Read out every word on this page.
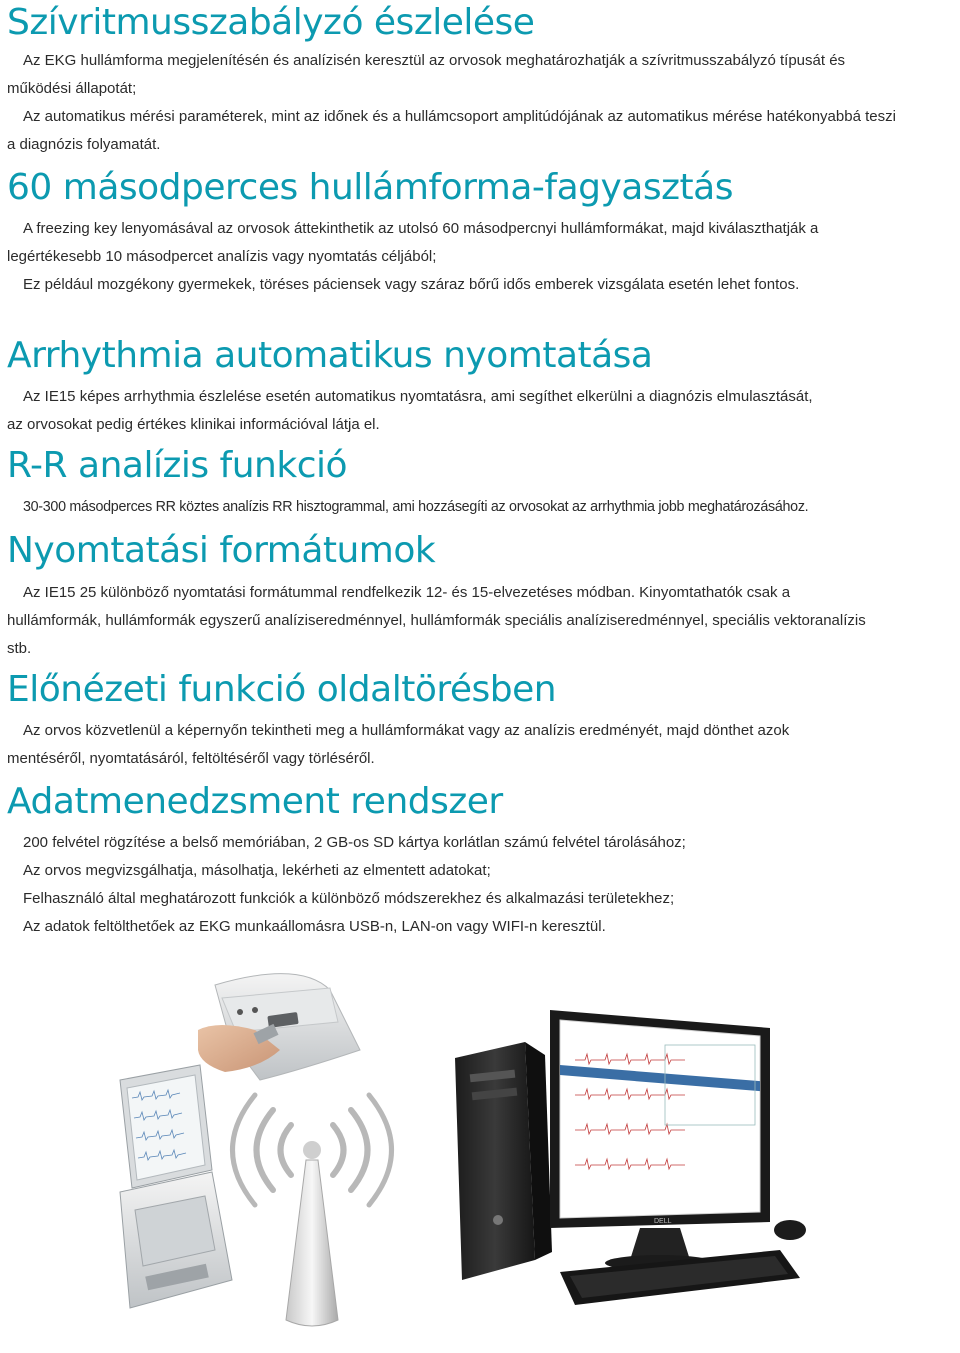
Szívritmusszabályzó észlelése

Az EKG hullámforma megjelenítésén és analízisén keresztül az orvosok meghatározhatják a szívritmusszabályzó típusát és működési állapotát;

Az automatikus mérési paraméterek, mint az időnek és a hullámcsoport amplitúdójának az automatikus mérése hatékonyabbá teszi a diagnózis folyamatát.

60 másodperces hullámforma-fagyasztás

A freezing key lenyomásával az orvosok áttekinthetik az utolsó 60 másodpercnyi hullámformákat, majd kiválaszthatják a legértékesebb 10 másodpercet analízis vagy nyomtatás céljából;

Ez például mozgékony gyermekek, töréses páciensek vagy száraz bőrű idős emberek vizsgálata esetén lehet fontos.

Arrhythmia automatikus nyomtatása

Az IE15 képes arrhythmia észlelése esetén automatikus nyomtatásra, ami segíthet elkerülni a diagnózis elmulasztását, az orvosokat pedig értékes klinikai információval látja el.

R-R analízis funkció

30-300 másodperces RR köztes analízis RR hisztogrammal, ami hozzásegíti az orvosokat az arrhythmia jobb meghatározásához.

Nyomtatási formátumok

Az IE15 25 különböző nyomtatási formátummal rendfelkezik 12- és 15-elvezetéses módban. Kinyomtathatók csak a hullámformák, hullámformák egyszerű analíziseredménnyel, hullámformák speciális analíziseredménnyel, speciális vektoranalízis stb.

Előnézeti funkció oldaltörésben

Az orvos közvetlenül a képernyőn tekintheti meg a hullámformákat vagy az analízis eredményét, majd dönthet azok mentéséről, nyomtatásáról, feltöltéséről vagy törléséről.

Adatmenedzsment rendszer

200 felvétel rögzítése a belső memóriában, 2 GB-os SD kártya korlátlan számú felvétel tárolásához;

Az orvos megvizsgálhatja, másolhatja, lekérheti az elmentett adatokat;

Felhasználó által meghatározott funkciók a különböző módszerekhez és alkalmazási területekhez;

Az adatok feltölthetőek az EKG munkaállomásra USB-n, LAN-on vagy WIFI-n keresztül.

DELL
